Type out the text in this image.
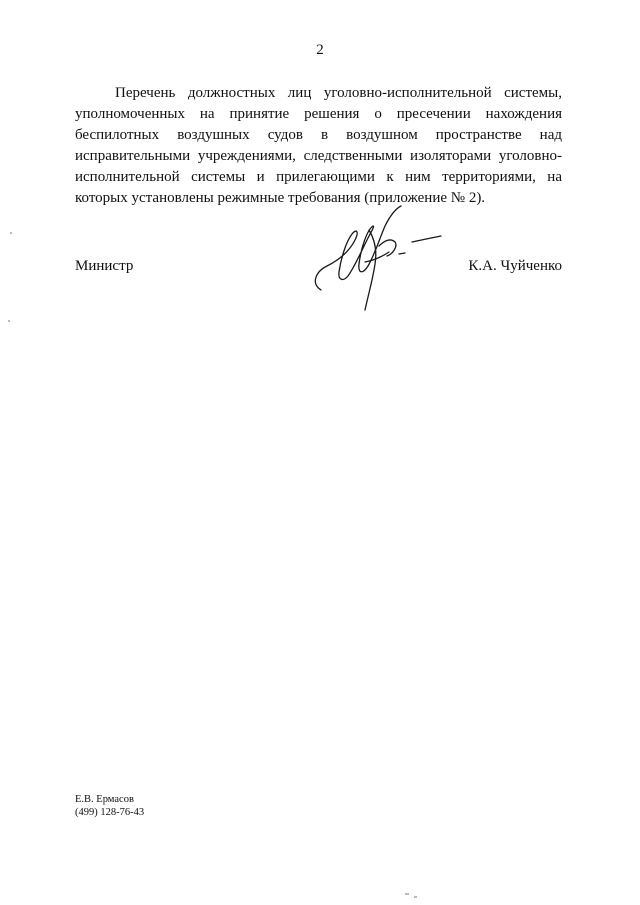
2

Перечень должностных лиц уголовно-исполнительной системы, уполномоченных на принятие решения о пресечении нахождения беспилотных воздушных судов в воздушном пространстве над исправительными учреждениями, следственными изоляторами уголовно-исполнительной системы и прилегающими к ним территориями, на которых установлены режимные требования (приложение № 2).

Министр	К.А. Чуйченко
Е.В. Ермасов
(499) 128-76-43
